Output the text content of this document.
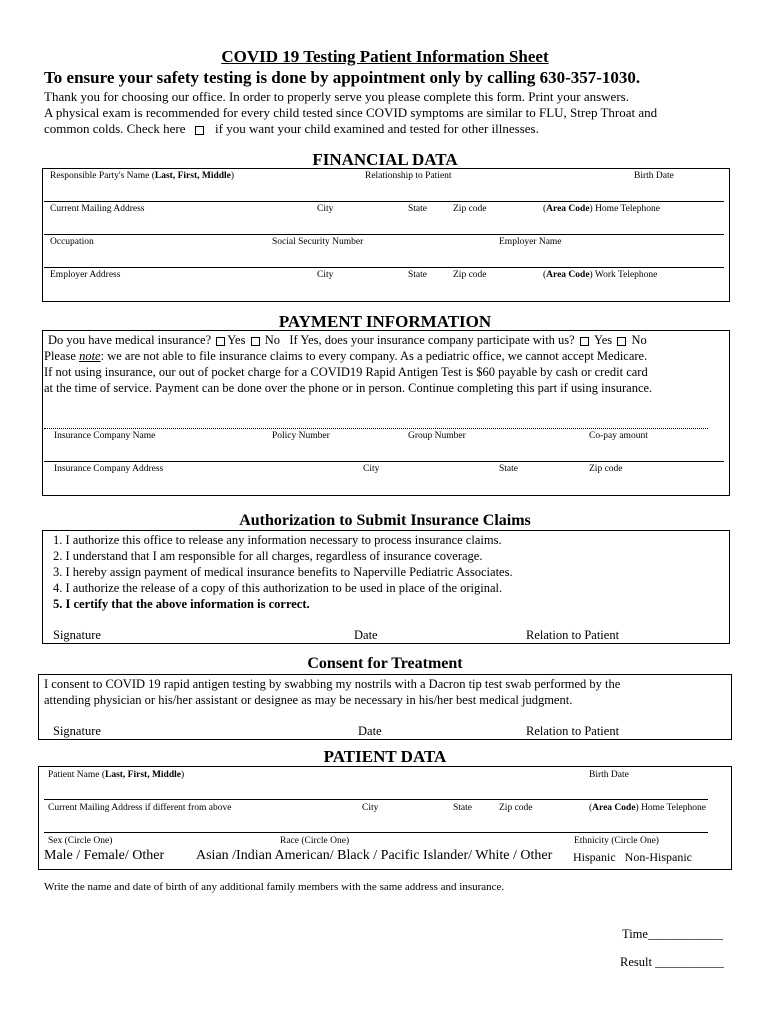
COVID 19 Testing Patient Information Sheet
To ensure your safety testing is done by appointment only by calling 630-357-1030.
Thank you for choosing our office. In order to properly serve you please complete this form. Print your answers.
A physical exam is recommended for every child tested since COVID symptoms are similar to FLU, Strep Throat and
common colds. Check here if you want your child examined and tested for other illnesses.
FINANCIAL DATA
Responsible Party's Name (Last, First, Middle)	Relationship to Patient	Birth Date
Current Mailing Address	City	State	Zip code	(Area Code) Home Telephone
Occupation	Social Security Number	Employer Name
Employer Address	City	State	Zip code	(Area Code) Work Telephone
PAYMENT INFORMATION
Do you have medical insurance? Yes No If Yes, does your insurance company participate with us? Yes No
Please note: we are not able to file insurance claims to every company. As a pediatric office, we cannot accept Medicare.
If not using insurance, our out of pocket charge for a COVID19 Rapid Antigen Test is $60 payable by cash or credit card
at the time of service. Payment can be done over the phone or in person. Continue completing this part if using insurance.
Insurance Company Name	Policy Number	Group Number	Co-pay amount
Insurance Company Address	City	State	Zip code
Authorization to Submit Insurance Claims
1. I authorize this office to release any information necessary to process insurance claims.
2. I understand that I am responsible for all charges, regardless of insurance coverage.
3. I hereby assign payment of medical insurance benefits to Naperville Pediatric Associates.
4. I authorize the release of a copy of this authorization to be used in place of the original.
5. I certify that the above information is correct.
Signature	Date	Relation to Patient
Consent for Treatment
I consent to COVID 19 rapid antigen testing by swabbing my nostrils with a Dacron tip test swab performed by the
attending physician or his/her assistant or designee as may be necessary in his/her best medical judgment.
Signature	Date	Relation to Patient
PATIENT DATA
Patient Name (Last, First, Middle)	Birth Date
Current Mailing Address if different from above	City	State	Zip code	(Area Code) Home Telephone
Sex (Circle One)	Race (Circle One)	Ethnicity (Circle One)
Male / Female/ Other Asian /Indian American/ Black / Pacific Islander/ White / Other Hispanic   Non-Hispanic
Write the name and date of birth of any additional family members with the same address and insurance.
Time____________
Result ___________
